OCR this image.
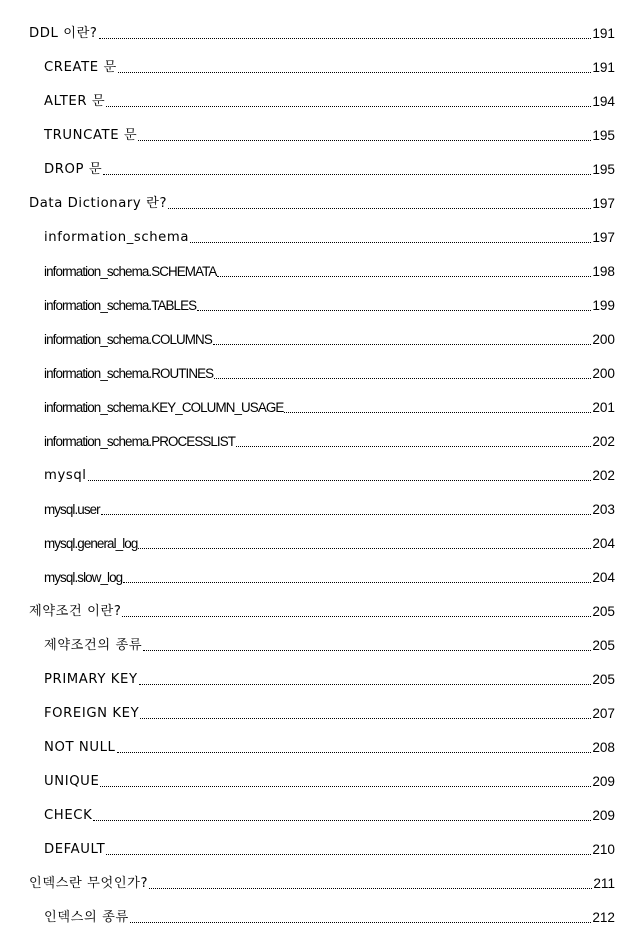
DDL 이란?	191
CREATE 문	191
ALTER 문	194
TRUNCATE 문	195
DROP 문	195
Data Dictionary 란?	197
information_schema	197
information_schema.SCHEMATA	198
information_schema.TABLES	199
information_schema.COLUMNS	200
information_schema.ROUTINES	200
information_schema.KEY_COLUMN_USAGE	201
information_schema.PROCESSLIST	202
mysql	202
mysql.user	203
mysql.general_log	204
mysql.slow_log	204
제약조건 이란?	205
제약조건의 종류	205
PRIMARY KEY	205
FOREIGN KEY	207
NOT NULL	208
UNIQUE	209
CHECK	209
DEFAULT	210
인덱스란 무엇인가?	211
인덱스의 종류	212
